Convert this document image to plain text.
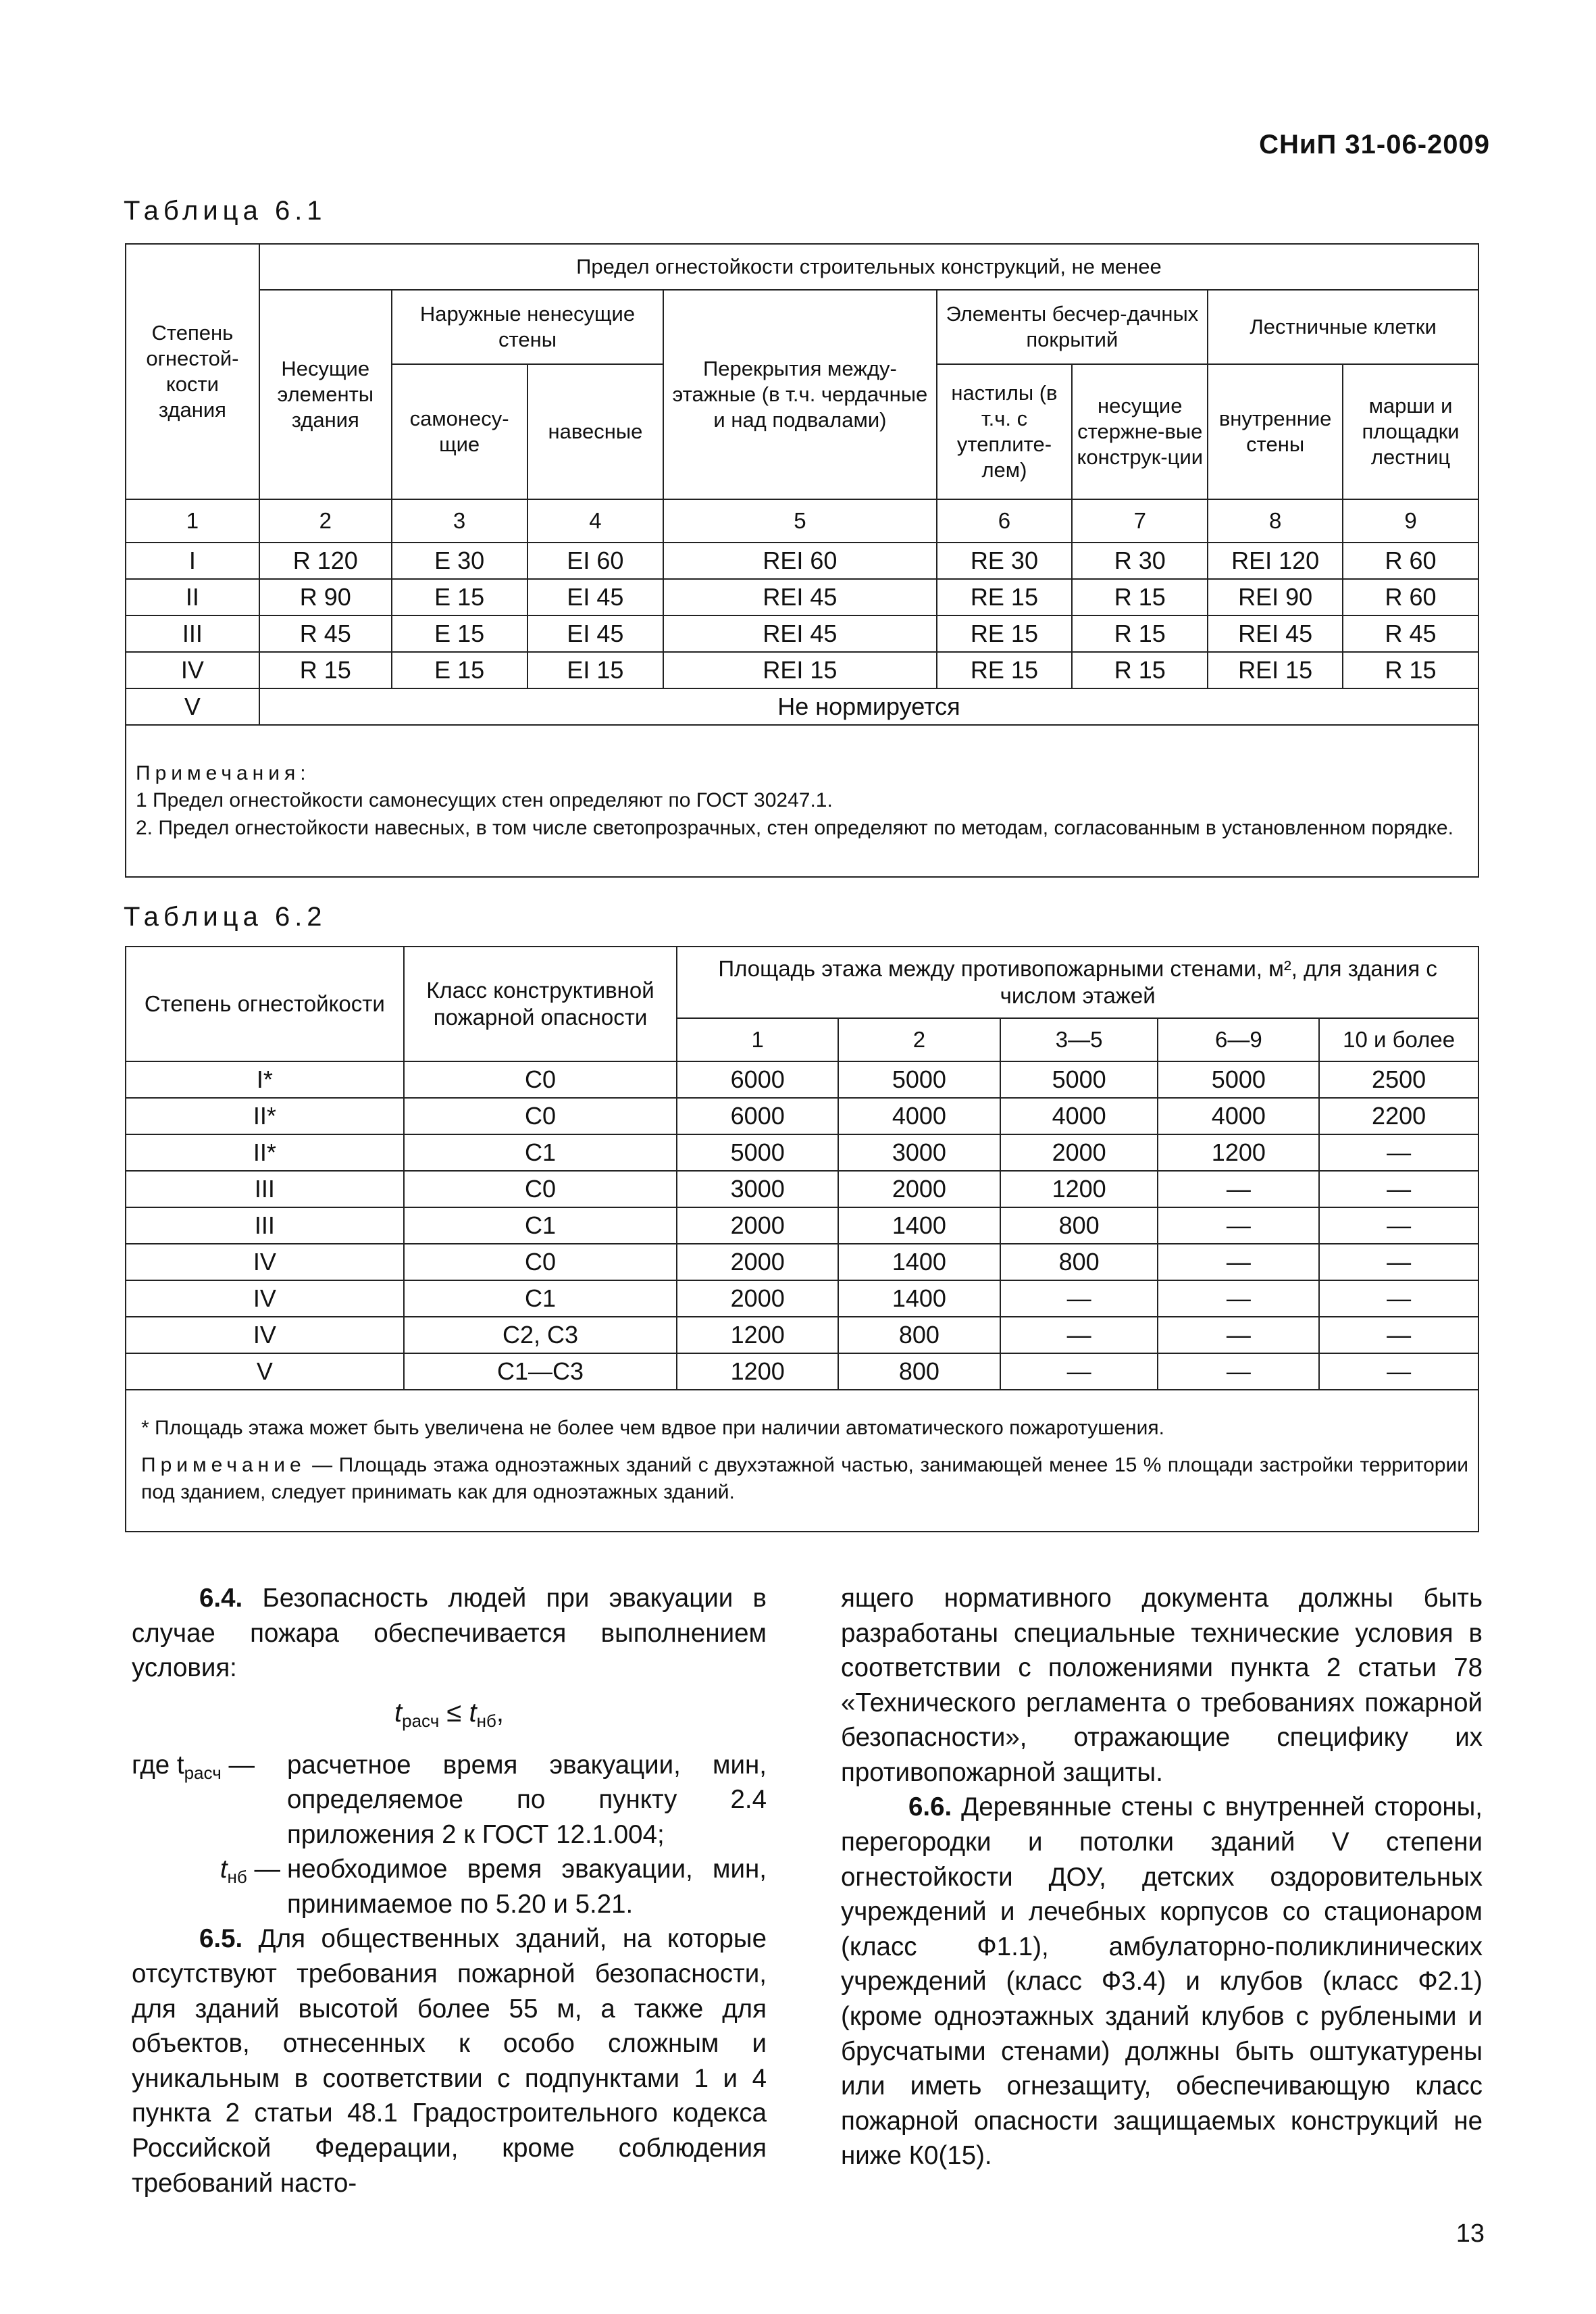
СНиП 31-06-2009
Таблица 6.1
Степень огнестой-кости здания	Предел огнестойкости строительных конструкций, не менее							
	Несущие элементы здания	Наружные ненесущие стены		Перекрытия между-этажные (в т.ч. чердачные и над подвалами)	Элементы бесчер-дачных покрытий		Лестничные клетки	
		самонесу-щие	навесные		настилы (в т.ч. с утеплите-лем)	несущие стержне-вые конструк-ции	внутренние стены	марши и площадки лестниц
1	2	3	4	5	6	7	8	9
I	R 120	E 30	EI 60	REI 60	RE 30	R 30	REI 120	R 60
II	R 90	E 15	EI 45	REI 45	RE 15	R 15	REI 90	R 60
III	R 45	E 15	EI 45	REI 45	RE 15	R 15	REI 45	R 45
IV	R 15	E 15	EI 15	REI 15	RE 15	R 15	REI 15	R 15
V	Не нормируется							

Примечания:
1 Предел огнестойкости самонесущих стен определяют по ГОСТ 30247.1.
2. Предел огнестойкости навесных, в том числе светопрозрачных, стен определяют по методам, согласованным в установленном порядке.								
Таблица 6.2
Степень огнестойкости	Класс конструктивной пожарной опасности	Площадь этажа между противопожарными стенами, м², для здания с числом этажей				
		1	2	3—5	6—9	10 и более
I*	C0	6000	5000	5000	5000	2500
II*	C0	6000	4000	4000	4000	2200
II*	C1	5000	3000	2000	1200	—
III	C0	3000	2000	1200	—	—
III	C1	2000	1400	800	—	—
IV	C0	2000	1400	800	—	—
IV	C1	2000	1400	—	—	—
IV	C2, C3	1200	800	—	—	—
V	C1—C3	1200	800	—	—	—

* Площадь этажа может быть увеличена не более чем вдвое при наличии автоматического пожаротушения.
Примечание — Площадь этажа одноэтажных зданий с двухэтажной частью, занимающей менее 15 % площади застройки территории под зданием, следует принимать как для одноэтажных зданий.						

6.4. Безопасность людей при эвакуации в случае пожара обеспечивается выполнением условия:

$t_{расч} \le t_{нб}$,
где $t_{расч}$ —	расчетное время эвакуации, мин, определяемое по пункту 2.4 приложения 2 к ГОСТ 12.1.004;
$t_{нб}$ — необходимое время эвакуации, мин, принимаемое по 5.20 и 5.21.

6.5. Для общественных зданий, на которые отсутствуют требования пожарной безопасности, для зданий высотой более 55 м, а также для объектов, отнесенных к особо сложным и уникальным в соответствии с подпунктами 1 и 4 пункта 2 статьи 48.1 Градостроительного кодекса Российской Федерации, кроме соблюдения требований насто-

ящего нормативного документа должны быть разработаны специальные технические условия в соответствии с положениями пункта 2 статьи 78 «Технического регламента о требованиях пожарной безопасности», отражающие специфику их противопожарной защиты.

6.6. Деревянные стены с внутренней стороны, перегородки и потолки зданий V степени огнестойкости ДОУ, детских оздоровительных учреждений и лечебных корпусов со стационаром (класс Ф1.1), амбулаторно-поликлинических учреждений (класс Ф3.4) и клубов (класс Ф2.1) (кроме одноэтажных зданий клубов с рублеными и брусчатыми стенами) должны быть оштукатурены или иметь огнезащиту, обеспечивающую класс пожарной опасности защищаемых конструкций не ниже К0(15).

13
